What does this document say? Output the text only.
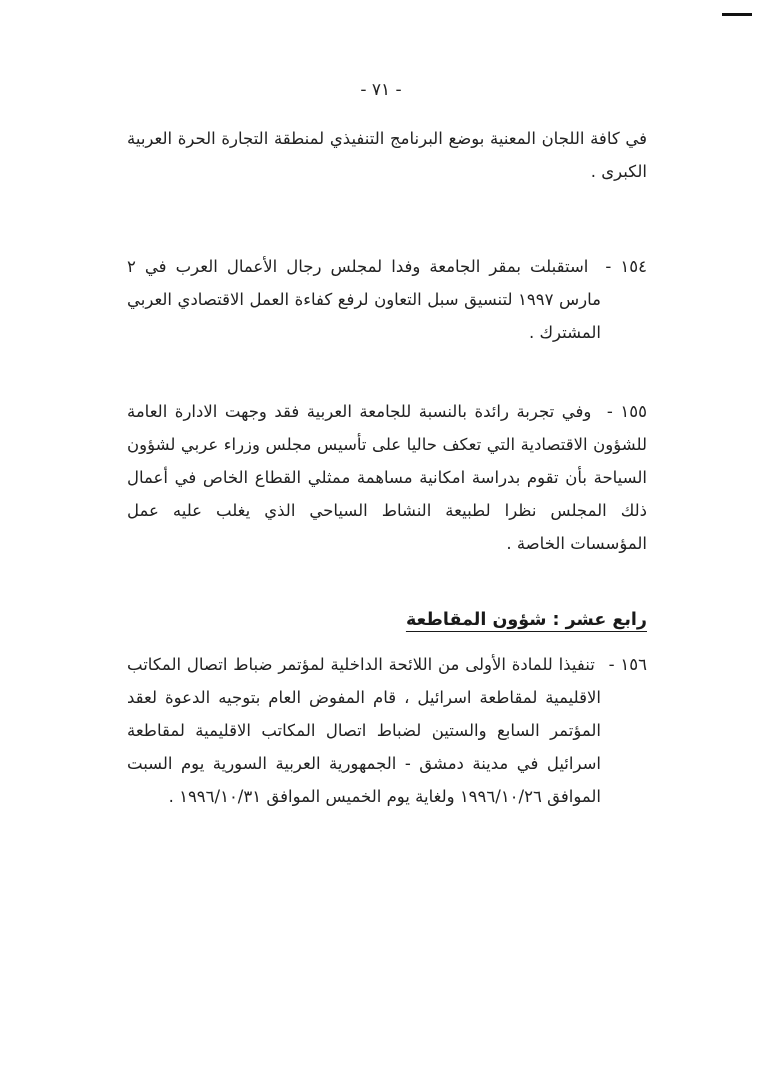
- ٧١ -

في كافة اللجان المعنية بوضع البرنامج التنفيذي لمنطقة التجارة الحرة العربية الكبرى .

١٥٤ - استقبلت بمقر الجامعة وفدا لمجلس رجال الأعمال العرب في ٢ مارس ١٩٩٧ لتنسيق سبل التعاون لرفع كفاءة العمل الاقتصادي العربي المشترك .

١٥٥ - وفي تجربة رائدة بالنسبة للجامعة العربية فقد وجهت الادارة العامة للشؤون الاقتصادية التي تعكف حاليا على تأسيس مجلس وزراء عربي لشؤون السياحة بأن تقوم بدراسة امكانية مساهمة ممثلي القطاع الخاص في أعمال ذلك المجلس نظرا لطبيعة النشاط السياحي الذي يغلب عليه عمل المؤسسات الخاصة .

رابع عشر : شؤون المقاطعة

١٥٦ - تنفيذا للمادة الأولى من اللائحة الداخلية لمؤتمر ضباط اتصال المكاتب الاقليمية لمقاطعة اسرائيل ، قام المفوض العام بتوجيه الدعوة لعقد المؤتمر السابع والستين لضباط اتصال المكاتب الاقليمية لمقاطعة اسرائيل في مدينة دمشق - الجمهورية العربية السورية يوم السبت الموافق ١٩٩٦/١٠/٢٦ ولغاية يوم الخميس الموافق ١٩٩٦/١٠/٣١ .
